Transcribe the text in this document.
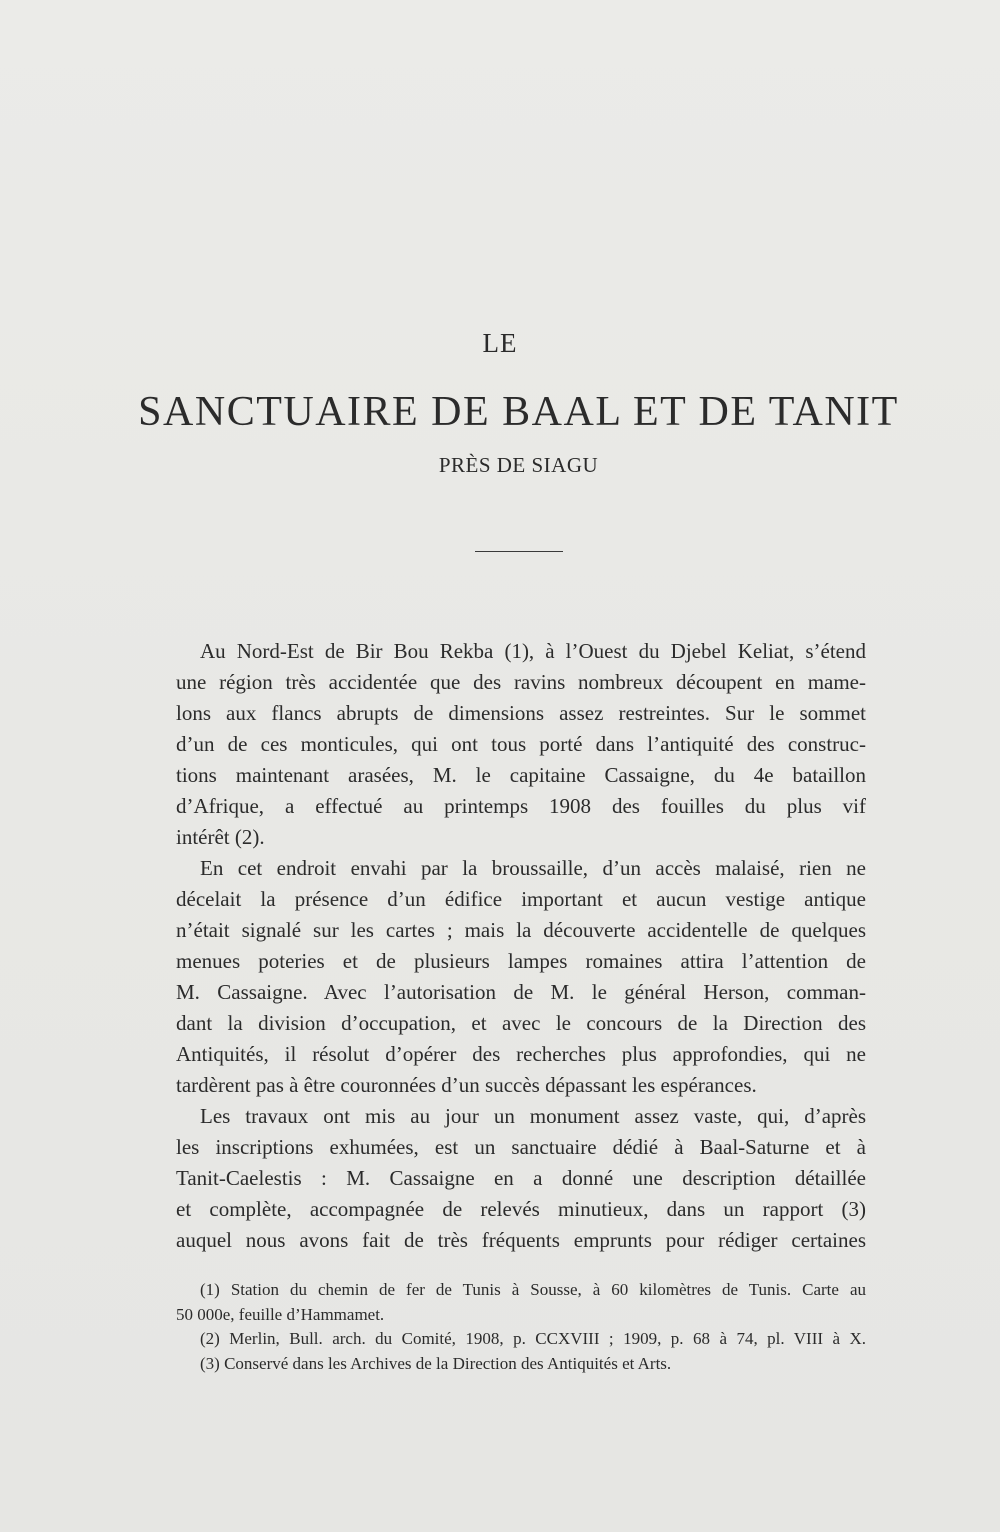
LE
SANCTUAIRE DE BAAL ET DE TANIT
PRÈS DE SIAGU
Au Nord-Est de Bir Bou Rekba (1), à l’Ouest du Djebel Keliat, s’étend
une région très accidentée que des ravins nombreux découpent en mame-
lons aux flancs abrupts de dimensions assez restreintes. Sur le sommet
d’un de ces monticules, qui ont tous porté dans l’antiquité des construc-
tions maintenant arasées, M. le capitaine Cassaigne, du 4e bataillon
d’Afrique, a effectué au printemps 1908 des fouilles du plus vif
intérêt (2).
En cet endroit envahi par la broussaille, d’un accès malaisé, rien ne
décelait la présence d’un édifice important et aucun vestige antique
n’était signalé sur les cartes ; mais la découverte accidentelle de quelques
menues poteries et de plusieurs lampes romaines attira l’attention de
M. Cassaigne. Avec l’autorisation de M. le général Herson, comman-
dant la division d’occupation, et avec le concours de la Direction des
Antiquités, il résolut d’opérer des recherches plus approfondies, qui ne
tardèrent pas à être couronnées d’un succès dépassant les espérances.
Les travaux ont mis au jour un monument assez vaste, qui, d’après
les inscriptions exhumées, est un sanctuaire dédié à Baal-Saturne et à
Tanit-Caelestis : M. Cassaigne en a donné une description détaillée
et complète, accompagnée de relevés minutieux, dans un rapport (3)
auquel nous avons fait de très fréquents emprunts pour rédiger certaines
(1) Station du chemin de fer de Tunis à Sousse, à 60 kilomètres de Tunis. Carte au
50 000e, feuille d’Hammamet.
(2) Merlin, Bull. arch. du Comité, 1908, p. CCXVIII ; 1909, p. 68 à 74, pl. VIII à X.
(3) Conservé dans les Archives de la Direction des Antiquités et Arts.
